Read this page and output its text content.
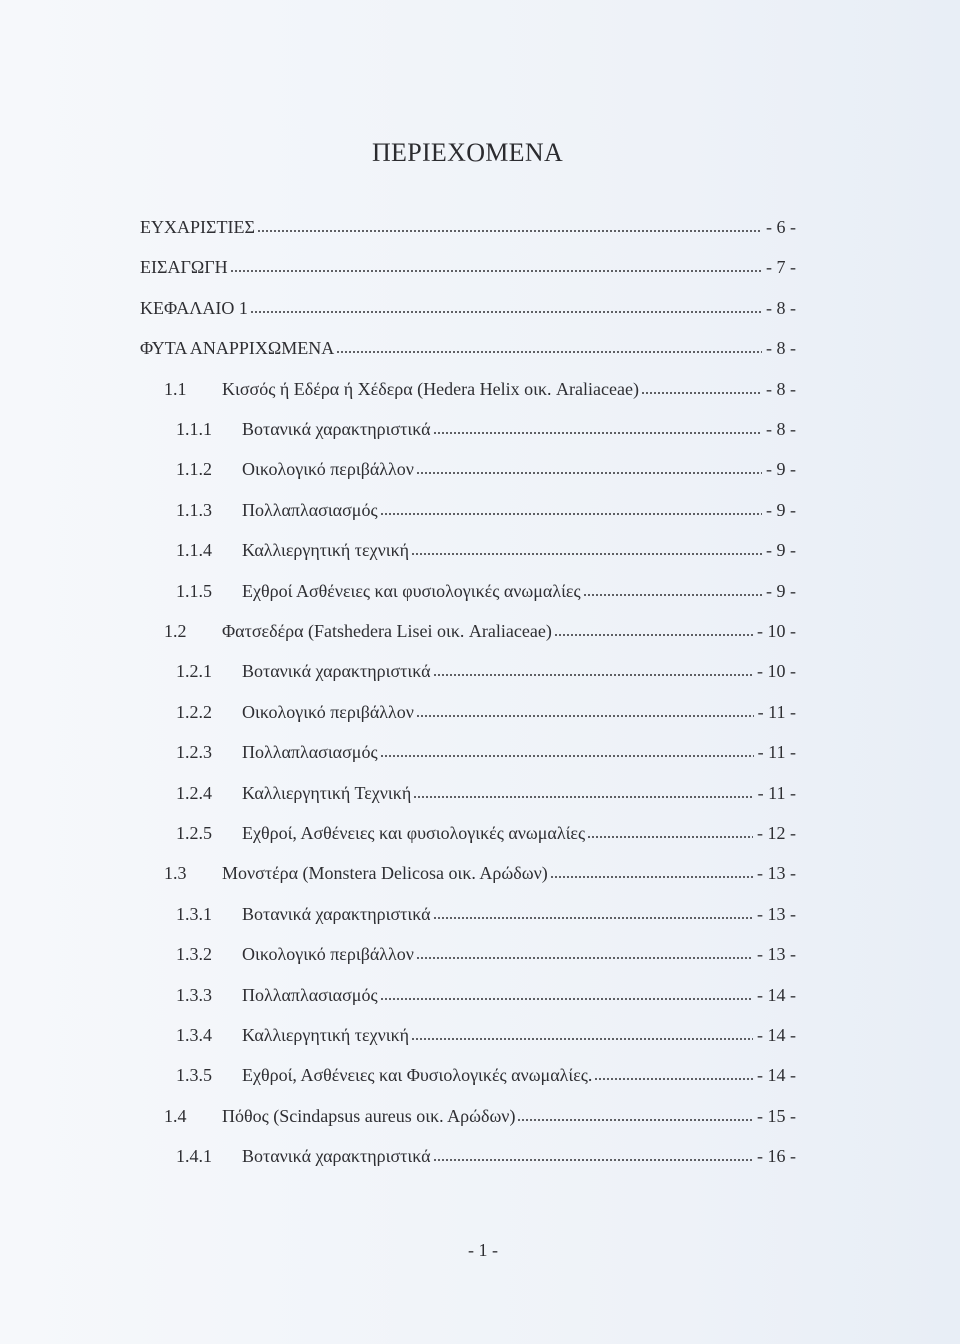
ΠΕΡΙΕΧΟΜΕΝΑ
ΕΥΧΑΡΙΣΤΙΕΣ	- 6 -
ΕΙΣΑΓΩΓΗ	- 7 -
ΚΕΦΑΛΑΙΟ 1	- 8 -
ΦΥΤΑ ΑΝΑΡΡΙΧΩΜΕΝΑ	- 8 -
1.1	Κισσός ή Εδέρα ή Χέδερα (Hedera Helix οικ. Araliaceae)	- 8 -
1.1.1	Βοτανικά χαρακτηριστικά	- 8 -
1.1.2	Οικολογικό περιβάλλον	- 9 -
1.1.3	Πολλαπλασιασμός	- 9 -
1.1.4	Καλλιεργητική τεχνική	- 9 -
1.1.5	Εχθροί Ασθένειες και φυσιολογικές ανωμαλίες	- 9 -
1.2	Φατσεδέρα (Fatshedera Lisei οικ. Araliaceae)	- 10 -
1.2.1	Βοτανικά χαρακτηριστικά	- 10 -
1.2.2	Οικολογικό περιβάλλον	- 11 -
1.2.3	Πολλαπλασιασμός	- 11 -
1.2.4	Καλλιεργητική Τεχνική	- 11 -
1.2.5	Εχθροί, Ασθένειες και φυσιολογικές ανωμαλίες	- 12 -
1.3	Μονστέρα (Monstera Delicosa οικ. Αρώδων)	- 13 -
1.3.1	Βοτανικά χαρακτηριστικά	- 13 -
1.3.2	Οικολογικό περιβάλλον	- 13 -
1.3.3	Πολλαπλασιασμός	- 14 -
1.3.4	Καλλιεργητική τεχνική	- 14 -
1.3.5	Εχθροί, Ασθένειες και Φυσιολογικές ανωμαλίες.	- 14 -
1.4	Πόθος (Scindapsus aureus οικ. Αρώδων)	- 15 -
1.4.1	Βοτανικά χαρακτηριστικά	- 16 -
- 1 -
